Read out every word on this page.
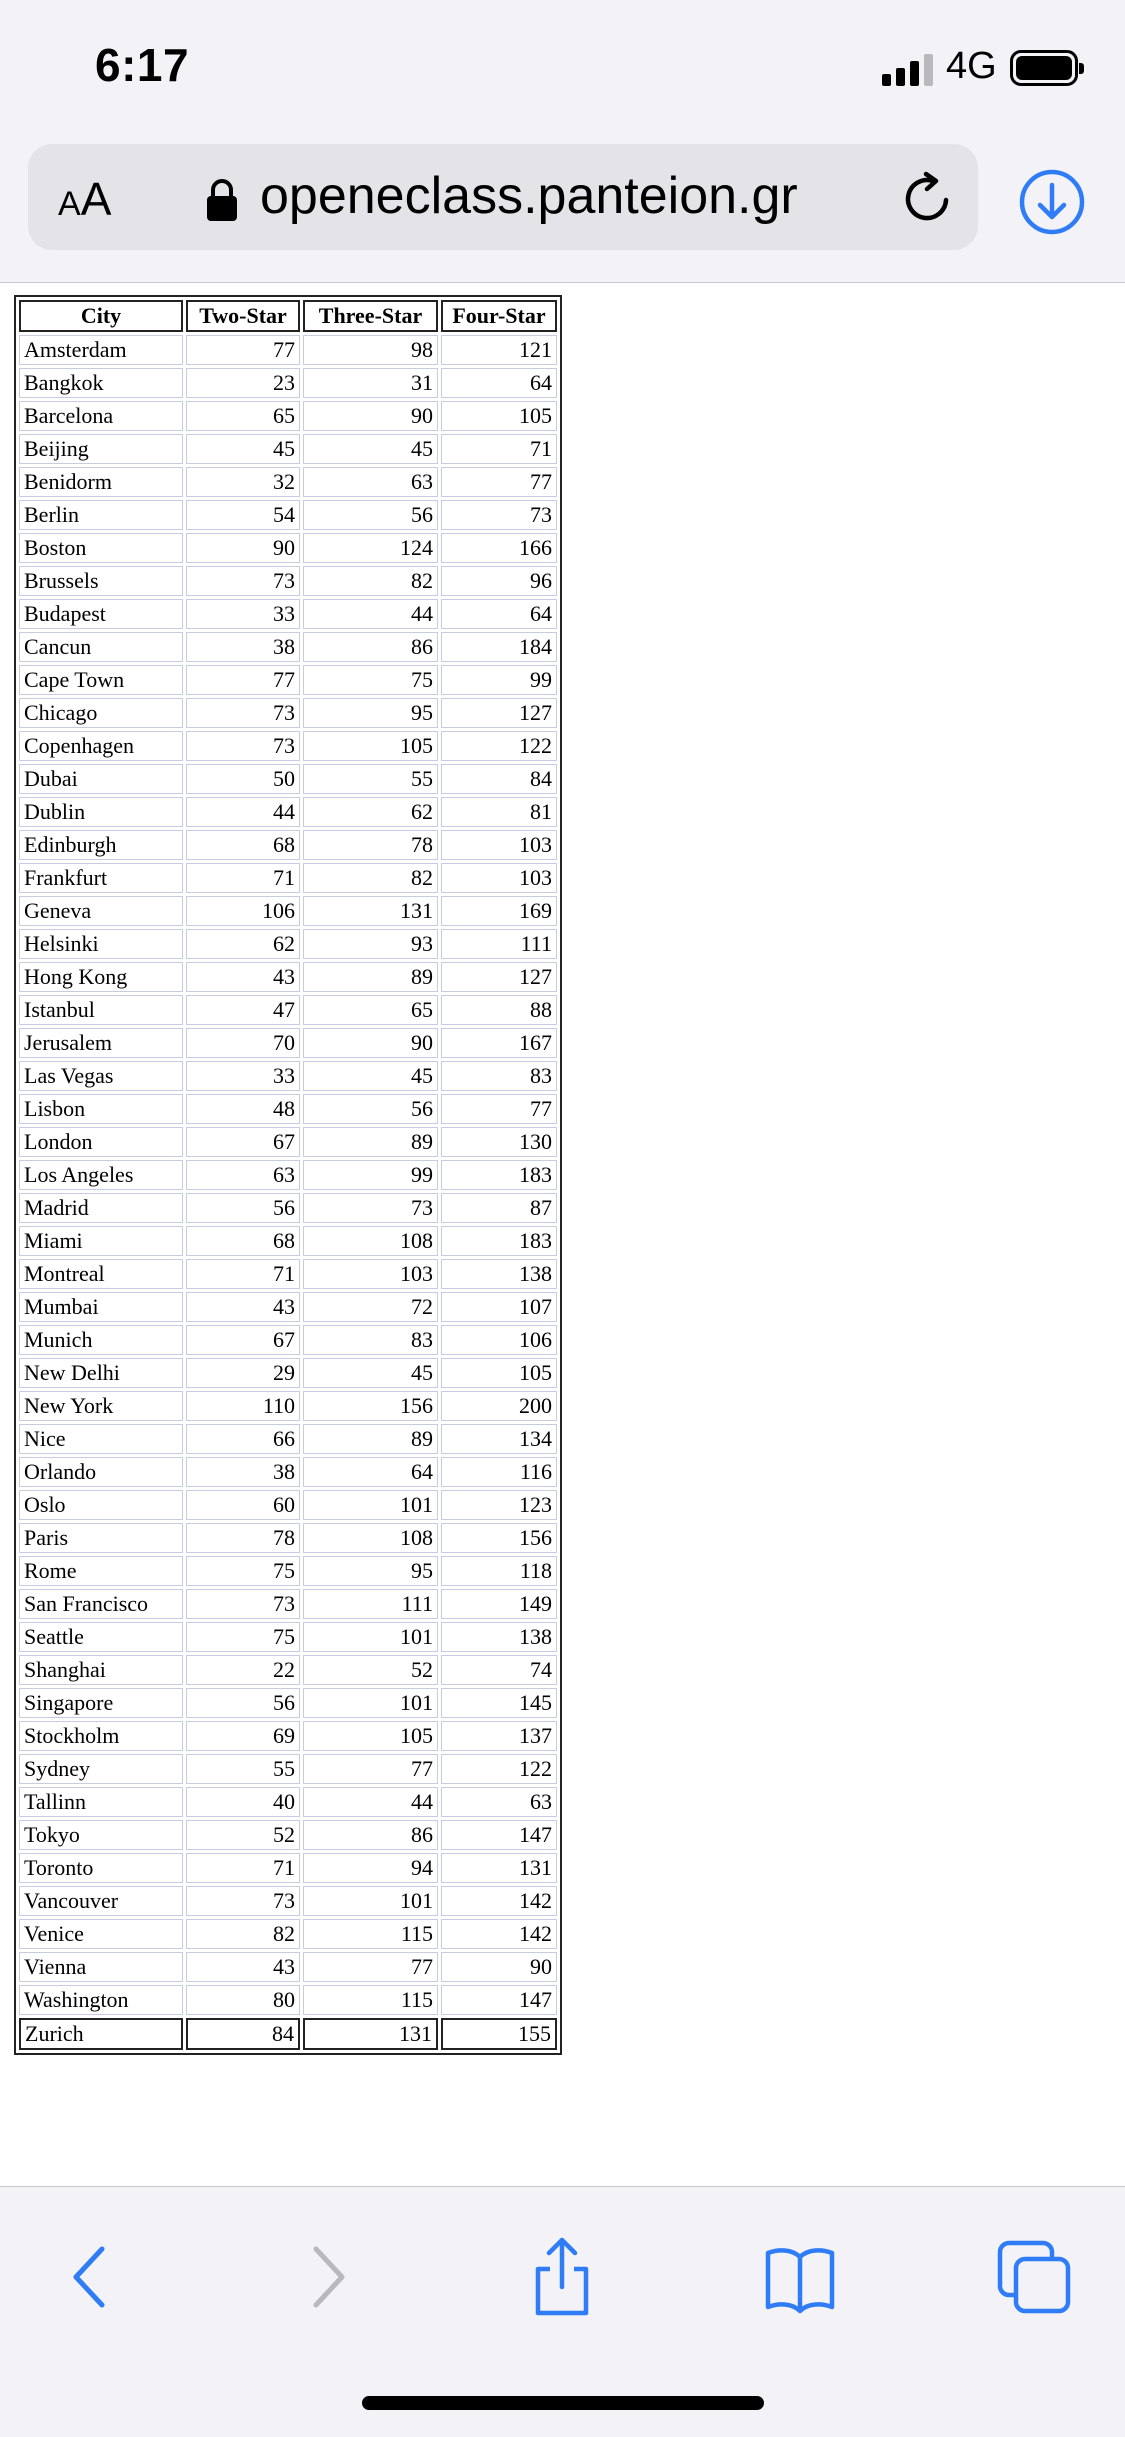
6:17	4G
AA	openeclass.panteion.gr
City	Two-Star	Three-Star	Four-Star
Amsterdam	77	98	121
Bangkok	23	31	64
Barcelona	65	90	105
Beijing	45	45	71
Benidorm	32	63	77
Berlin	54	56	73
Boston	90	124	166
Brussels	73	82	96
Budapest	33	44	64
Cancun	38	86	184
Cape Town	77	75	99
Chicago	73	95	127
Copenhagen	73	105	122
Dubai	50	55	84
Dublin	44	62	81
Edinburgh	68	78	103
Frankfurt	71	82	103
Geneva	106	131	169
Helsinki	62	93	111
Hong Kong	43	89	127
Istanbul	47	65	88
Jerusalem	70	90	167
Las Vegas	33	45	83
Lisbon	48	56	77
London	67	89	130
Los Angeles	63	99	183
Madrid	56	73	87
Miami	68	108	183
Montreal	71	103	138
Mumbai	43	72	107
Munich	67	83	106
New Delhi	29	45	105
New York	110	156	200
Nice	66	89	134
Orlando	38	64	116
Oslo	60	101	123
Paris	78	108	156
Rome	75	95	118
San Francisco	73	111	149
Seattle	75	101	138
Shanghai	22	52	74
Singapore	56	101	145
Stockholm	69	105	137
Sydney	55	77	122
Tallinn	40	44	63
Tokyo	52	86	147
Toronto	71	94	131
Vancouver	73	101	142
Venice	82	115	142
Vienna	43	77	90
Washington	80	115	147
Zurich	84	131	155
